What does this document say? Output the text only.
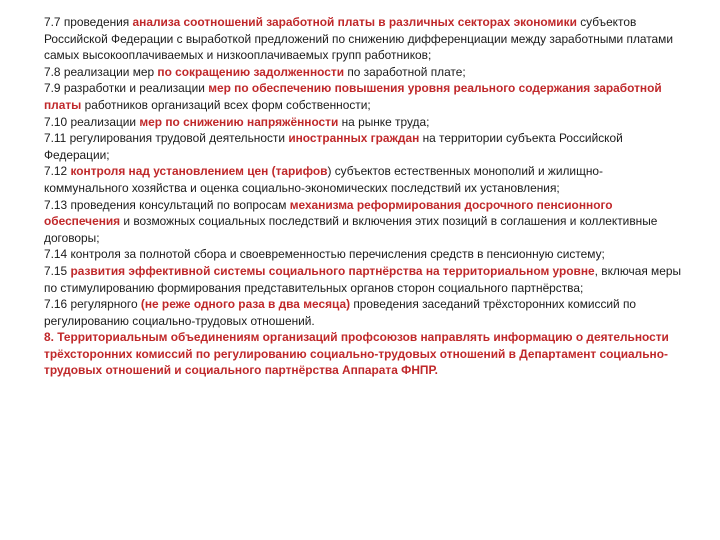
7.7 проведения анализа соотношений заработной платы в различных секторах экономики субъектов Российской Федерации с выработкой предложений по снижению дифференциации между заработными платами самых высокооплачиваемых и низкооплачиваемых групп работников;

7.8 реализации мер по сокращению задолженности по заработной плате;

7.9 разработки и реализации мер по обеспечению повышения уровня реального содержания заработной платы работников организаций всех форм собственности;

7.10 реализации мер по снижению напряжённости на рынке труда;

7.11 регулирования трудовой деятельности иностранных граждан на территории субъекта Российской Федерации;

7.12 контроля над установлением цен (тарифов) субъектов естественных монополий и жилищно-коммунального хозяйства и оценка социально-экономических последствий их установления;

7.13 проведения консультаций по вопросам механизма реформирования досрочного пенсионного обеспечения и возможных социальных последствий и включения этих позиций в соглашения и коллективные договоры;

7.14 контроля за полнотой сбора и своевременностью перечисления средств в пенсионную систему;

7.15 развития эффективной системы социального партнёрства на территориальном уровне, включая меры по стимулированию формирования представительных органов сторон социального партнёрства;

7.16 регулярного (не реже одного раза в два месяца) проведения заседаний трёхсторонних комиссий по регулированию социально-трудовых отношений.

8. Территориальным объединениям организаций профсоюзов направлять информацию о деятельности трёхсторонних комиссий по регулированию социально-трудовых отношений в Департамент социально-трудовых отношений и социального партнёрства Аппарата ФНПР.
